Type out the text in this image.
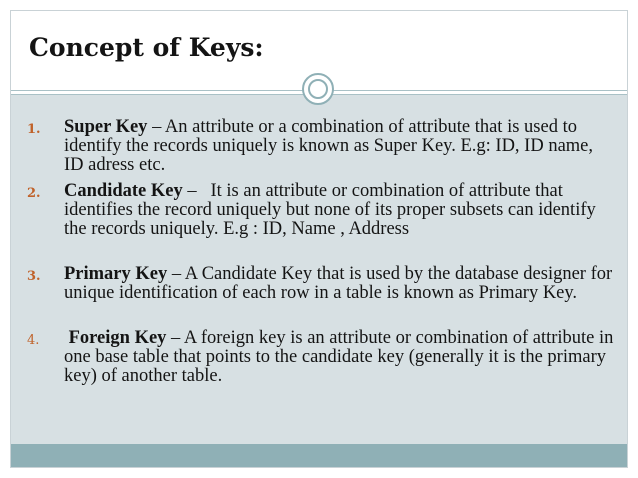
Concept of Keys:
1. Super Key – An attribute or a combination of attribute that is used to identify the records uniquely is known as Super Key. E.g: ID, ID name, ID adress etc.
2. Candidate Key –   It is an attribute or combination of attribute that identifies the record uniquely but none of its proper subsets can identify the records uniquely. E.g : ID, Name , Address
3. Primary Key – A Candidate Key that is used by the database designer for unique identification of each row in a table is known as Primary Key.
4. Foreign Key – A foreign key is an attribute or combination of attribute in one base table that points to the candidate key (generally it is the primary key) of another table.
